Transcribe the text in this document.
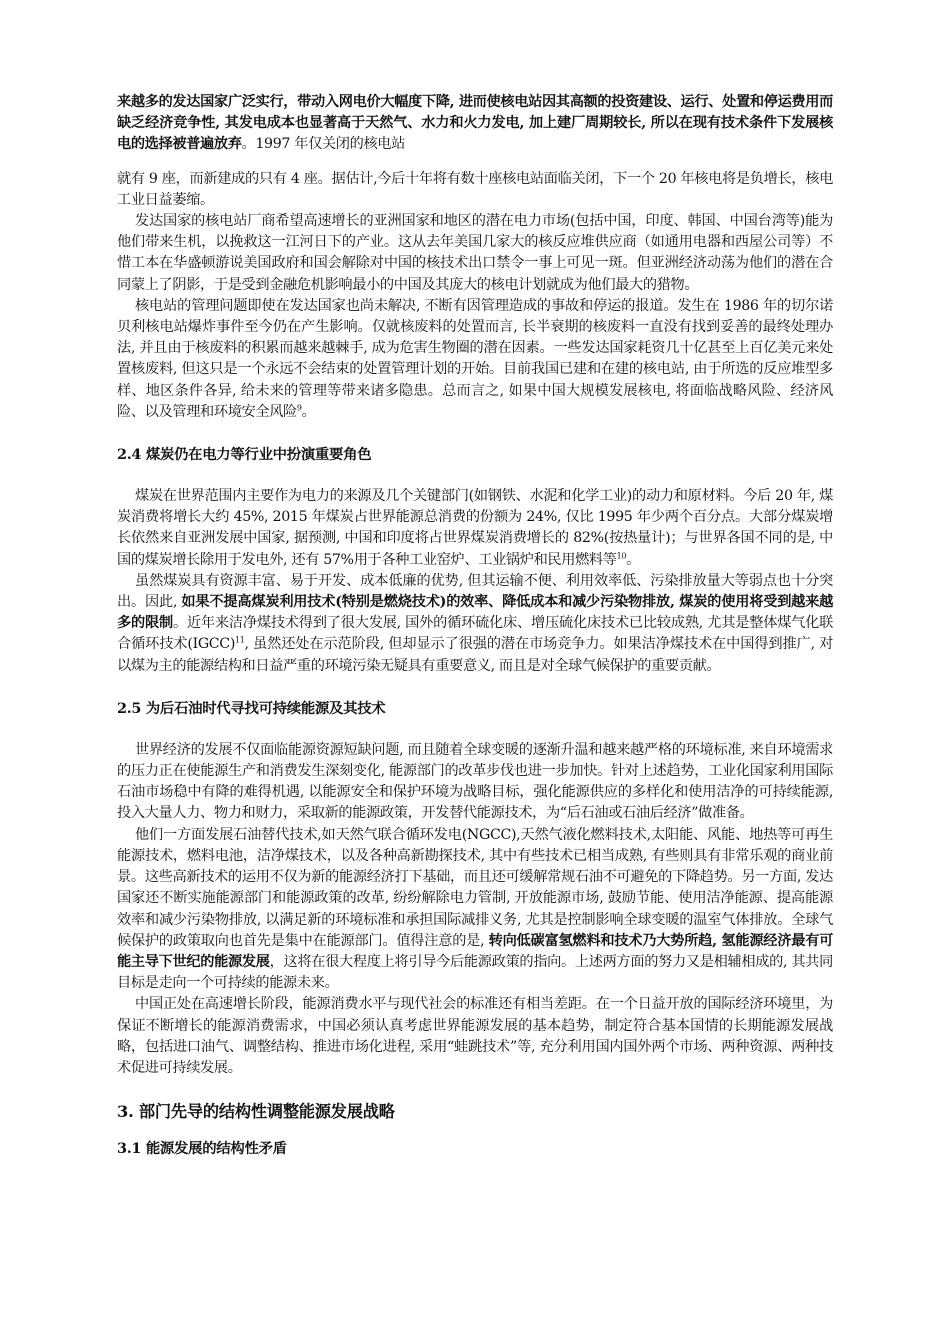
来越多的发达国家广泛实行，带动入网电价大幅度下降, 进而使核电站因其高额的投资建设、运行、处置和停运费用而缺乏经济竞争性, 其发电成本也显著高于天然气、水力和火力发电, 加上建厂周期较长, 所以在现有技术条件下发展核电的选择被普遍放弃。1997 年仅关闭的核电站

就有 9 座，而新建成的只有 4 座。据估计,今后十年将有数十座核电站面临关闭，下一个 20 年核电将是负增长，核电工业日益萎缩。

发达国家的核电站厂商希望高速增长的亚洲国家和地区的潜在电力市场(包括中国，印度、韩国、中国台湾等)能为他们带来生机，以挽救这一江河日下的产业。这从去年美国几家大的核反应堆供应商（如通用电器和西屋公司等）不惜工本在华盛顿游说美国政府和国会解除对中国的核技术出口禁令一事上可见一斑。但亚洲经济动荡为他们的潜在合同蒙上了阴影，于是受到金融危机影响最小的中国及其庞大的核电计划就成为他们最大的猎物。

核电站的管理问题即使在发达国家也尚未解决, 不断有因管理造成的事故和停运的报道。发生在 1986 年的切尔诺贝利核电站爆炸事件至今仍在产生影响。仅就核废料的处置而言, 长半衰期的核废料一直没有找到妥善的最终处理办法, 并且由于核废料的积累而越来越棘手, 成为危害生物圈的潜在因素。一些发达国家耗资几十亿甚至上百亿美元来处置核废料, 但这只是一个永远不会结束的处置管理计划的开始。目前我国已建和在建的核电站, 由于所选的反应堆型多样、地区条件各异, 给未来的管理等带来诸多隐患。总而言之, 如果中国大规模发展核电, 将面临战略风险、经济风险、以及管理和环境安全风险$^9$。

2.4 煤炭仍在电力等行业中扮演重要角色

煤炭在世界范围内主要作为电力的来源及几个关键部门(如钢铁、水泥和化学工业)的动力和原材料。今后 20 年, 煤炭消费将增长大约 45%, 2015 年煤炭占世界能源总消费的份额为 24%, 仅比 1995 年少两个百分点。大部分煤炭增长依然来自亚洲发展中国家, 据预测, 中国和印度将占世界煤炭消费增长的 82%(按热量计)；与世界各国不同的是, 中国的煤炭增长除用于发电外, 还有 57%用于各种工业窑炉、工业锅炉和民用燃料等$^{10}$。

虽然煤炭具有资源丰富、易于开发、成本低廉的优势, 但其运输不便、利用效率低、污染排放量大等弱点也十分突出。因此, 如果不提高煤炭利用技术(特别是燃烧技术)的效率、降低成本和减少污染物排放, 煤炭的使用将受到越来越多的限制。近年来洁净煤技术得到了很大发展, 国外的循环硫化床、增压硫化床技术已比较成熟, 尤其是整体煤气化联合循环技术(IGCC)$^{11}$, 虽然还处在示范阶段, 但却显示了很强的潜在市场竞争力。如果洁净煤技术在中国得到推广, 对以煤为主的能源结构和日益严重的环境污染无疑具有重要意义, 而且是对全球气候保护的重要贡献。

2.5 为后石油时代寻找可持续能源及其技术

世界经济的发展不仅面临能源资源短缺问题, 而且随着全球变暖的逐渐升温和越来越严格的环境标准, 来自环境需求的压力正在使能源生产和消费发生深刻变化, 能源部门的改革步伐也进一步加快。针对上述趋势，工业化国家利用国际石油市场稳中有降的难得机遇, 以能源安全和保护环境为战略目标，强化能源供应的多样化和使用洁净的可持续能源, 投入大量人力、物力和财力，采取新的能源政策，开发替代能源技术，为“后石油或石油后经济”做准备。

他们一方面发展石油替代技术,如天然气联合循环发电(NGCC),天然气液化燃料技术,太阳能、风能、地热等可再生能源技术，燃料电池，洁净煤技术，以及各种高新勘探技术, 其中有些技术已相当成熟, 有些则具有非常乐观的商业前景。这些高新技术的运用不仅为新的能源经济打下基础，而且还可缓解常规石油不可避免的下降趋势。另一方面, 发达国家还不断实施能源部门和能源政策的改革, 纷纷解除电力管制, 开放能源市场, 鼓励节能、使用洁净能源、提高能源效率和减少污染物排放, 以满足新的环境标准和承担国际减排义务, 尤其是控制影响全球变暖的温室气体排放。全球气候保护的政策取向也首先是集中在能源部门。值得注意的是, 转向低碳富氢燃料和技术乃大势所趋, 氢能源经济最有可能主导下世纪的能源发展，这将在很大程度上将引导今后能源政策的指向。上述两方面的努力又是相辅相成的, 其共同目标是走向一个可持续的能源未来。

中国正处在高速增长阶段，能源消费水平与现代社会的标准还有相当差距。在一个日益开放的国际经济环境里，为保证不断增长的能源消费需求，中国必须认真考虑世界能源发展的基本趋势，制定符合基本国情的长期能源发展战略，包括进口油气、调整结构、推进市场化进程, 采用“蛙跳技术”等, 充分利用国内国外两个市场、两种资源、两种技术促进可持续发展。

3. 部门先导的结构性调整能源发展战略
3.1 能源发展的结构性矛盾
